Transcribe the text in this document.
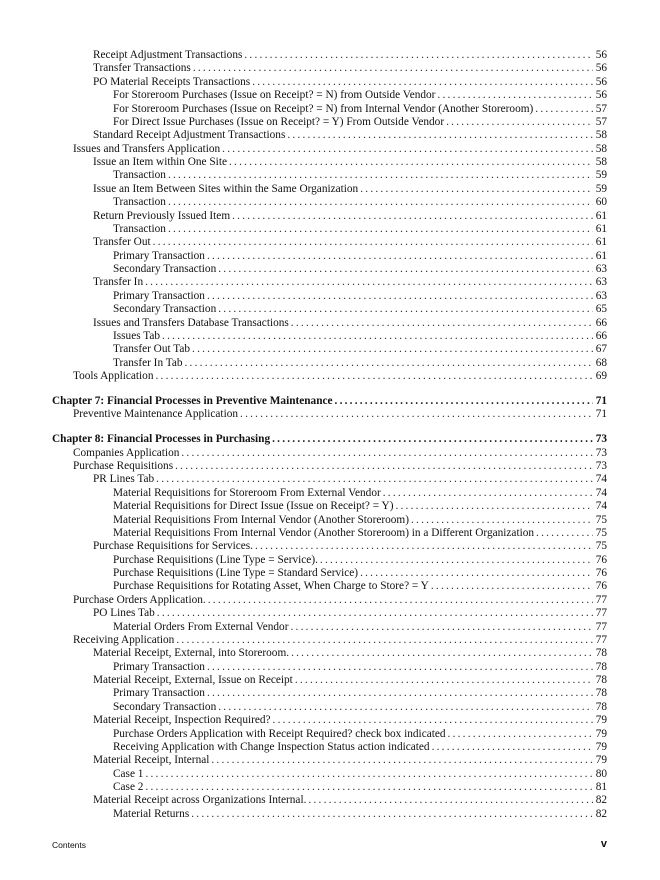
Receipt Adjustment Transactions . . .	56
Transfer Transactions . . .	56
PO Material Receipts Transactions . . .	56
For Storeroom Purchases (Issue on Receipt? = N) from Outside Vendor . . .	56
For Storeroom Purchases (Issue on Receipt? = N) from Internal Vendor (Another Storeroom) . . .	57
For Direct Issue Purchases (Issue on Receipt? = Y) From Outside Vendor . . .	57
Standard Receipt Adjustment Transactions . . .	58
Issues and Transfers Application . . .	58
Issue an Item within One Site . . .	58
Transaction . . .	59
Issue an Item Between Sites within the Same Organization . . .	59
Transaction . . .	60
Return Previously Issued Item . . .	61
Transaction . . .	61
Transfer Out . . .	61
Primary Transaction . . .	61
Secondary Transaction . . .	63
Transfer In . . .	63
Primary Transaction . . .	63
Secondary Transaction . . .	65
Issues and Transfers Database Transactions . . .	66
Issues Tab . . .	66
Transfer Out Tab . . .	67
Transfer In Tab . . .	68
Tools Application . . .	69
Chapter 7: Financial Processes in Preventive Maintenance . . .	71
Preventive Maintenance Application . . .	71
Chapter 8: Financial Processes in Purchasing . . .	73
Companies Application . . .	73
Purchase Requisitions . . .	73
PR Lines Tab . . .	74
Material Requisitions for Storeroom From External Vendor . . .	74
Material Requisitions for Direct Issue (Issue on Receipt? = Y) . . .	74
Material Requisitions From Internal Vendor (Another Storeroom) . . .	75
Material Requisitions From Internal Vendor (Another Storeroom) in a Different Organization . . .	75
Purchase Requisitions for Services. . . .	75
Purchase Requisitions (Line Type = Service). . . .	76
Purchase Requisitions (Line Type = Standard Service) . . .	76
Purchase Requisitions for Rotating Asset, When Charge to Store? = Y . . .	76
Purchase Orders Application. . . .	77
PO Lines Tab . . .	77
Material Orders From External Vendor . . .	77
Receiving Application . . .	77
Material Receipt, External, into Storeroom. . . .	78
Primary Transaction . . .	78
Material Receipt, External, Issue on Receipt . . .	78
Primary Transaction . . .	78
Secondary Transaction . . .	78
Material Receipt, Inspection Required? . . .	79
Purchase Orders Application with Receipt Required? check box indicated . . .	79
Receiving Application with Change Inspection Status action indicated . . .	79
Material Receipt, Internal . . .	79
Case 1 . . .	80
Case 2 . . .	81
Material Receipt across Organizations Internal. . . .	82
Material Returns . . .	82
Contents	v
